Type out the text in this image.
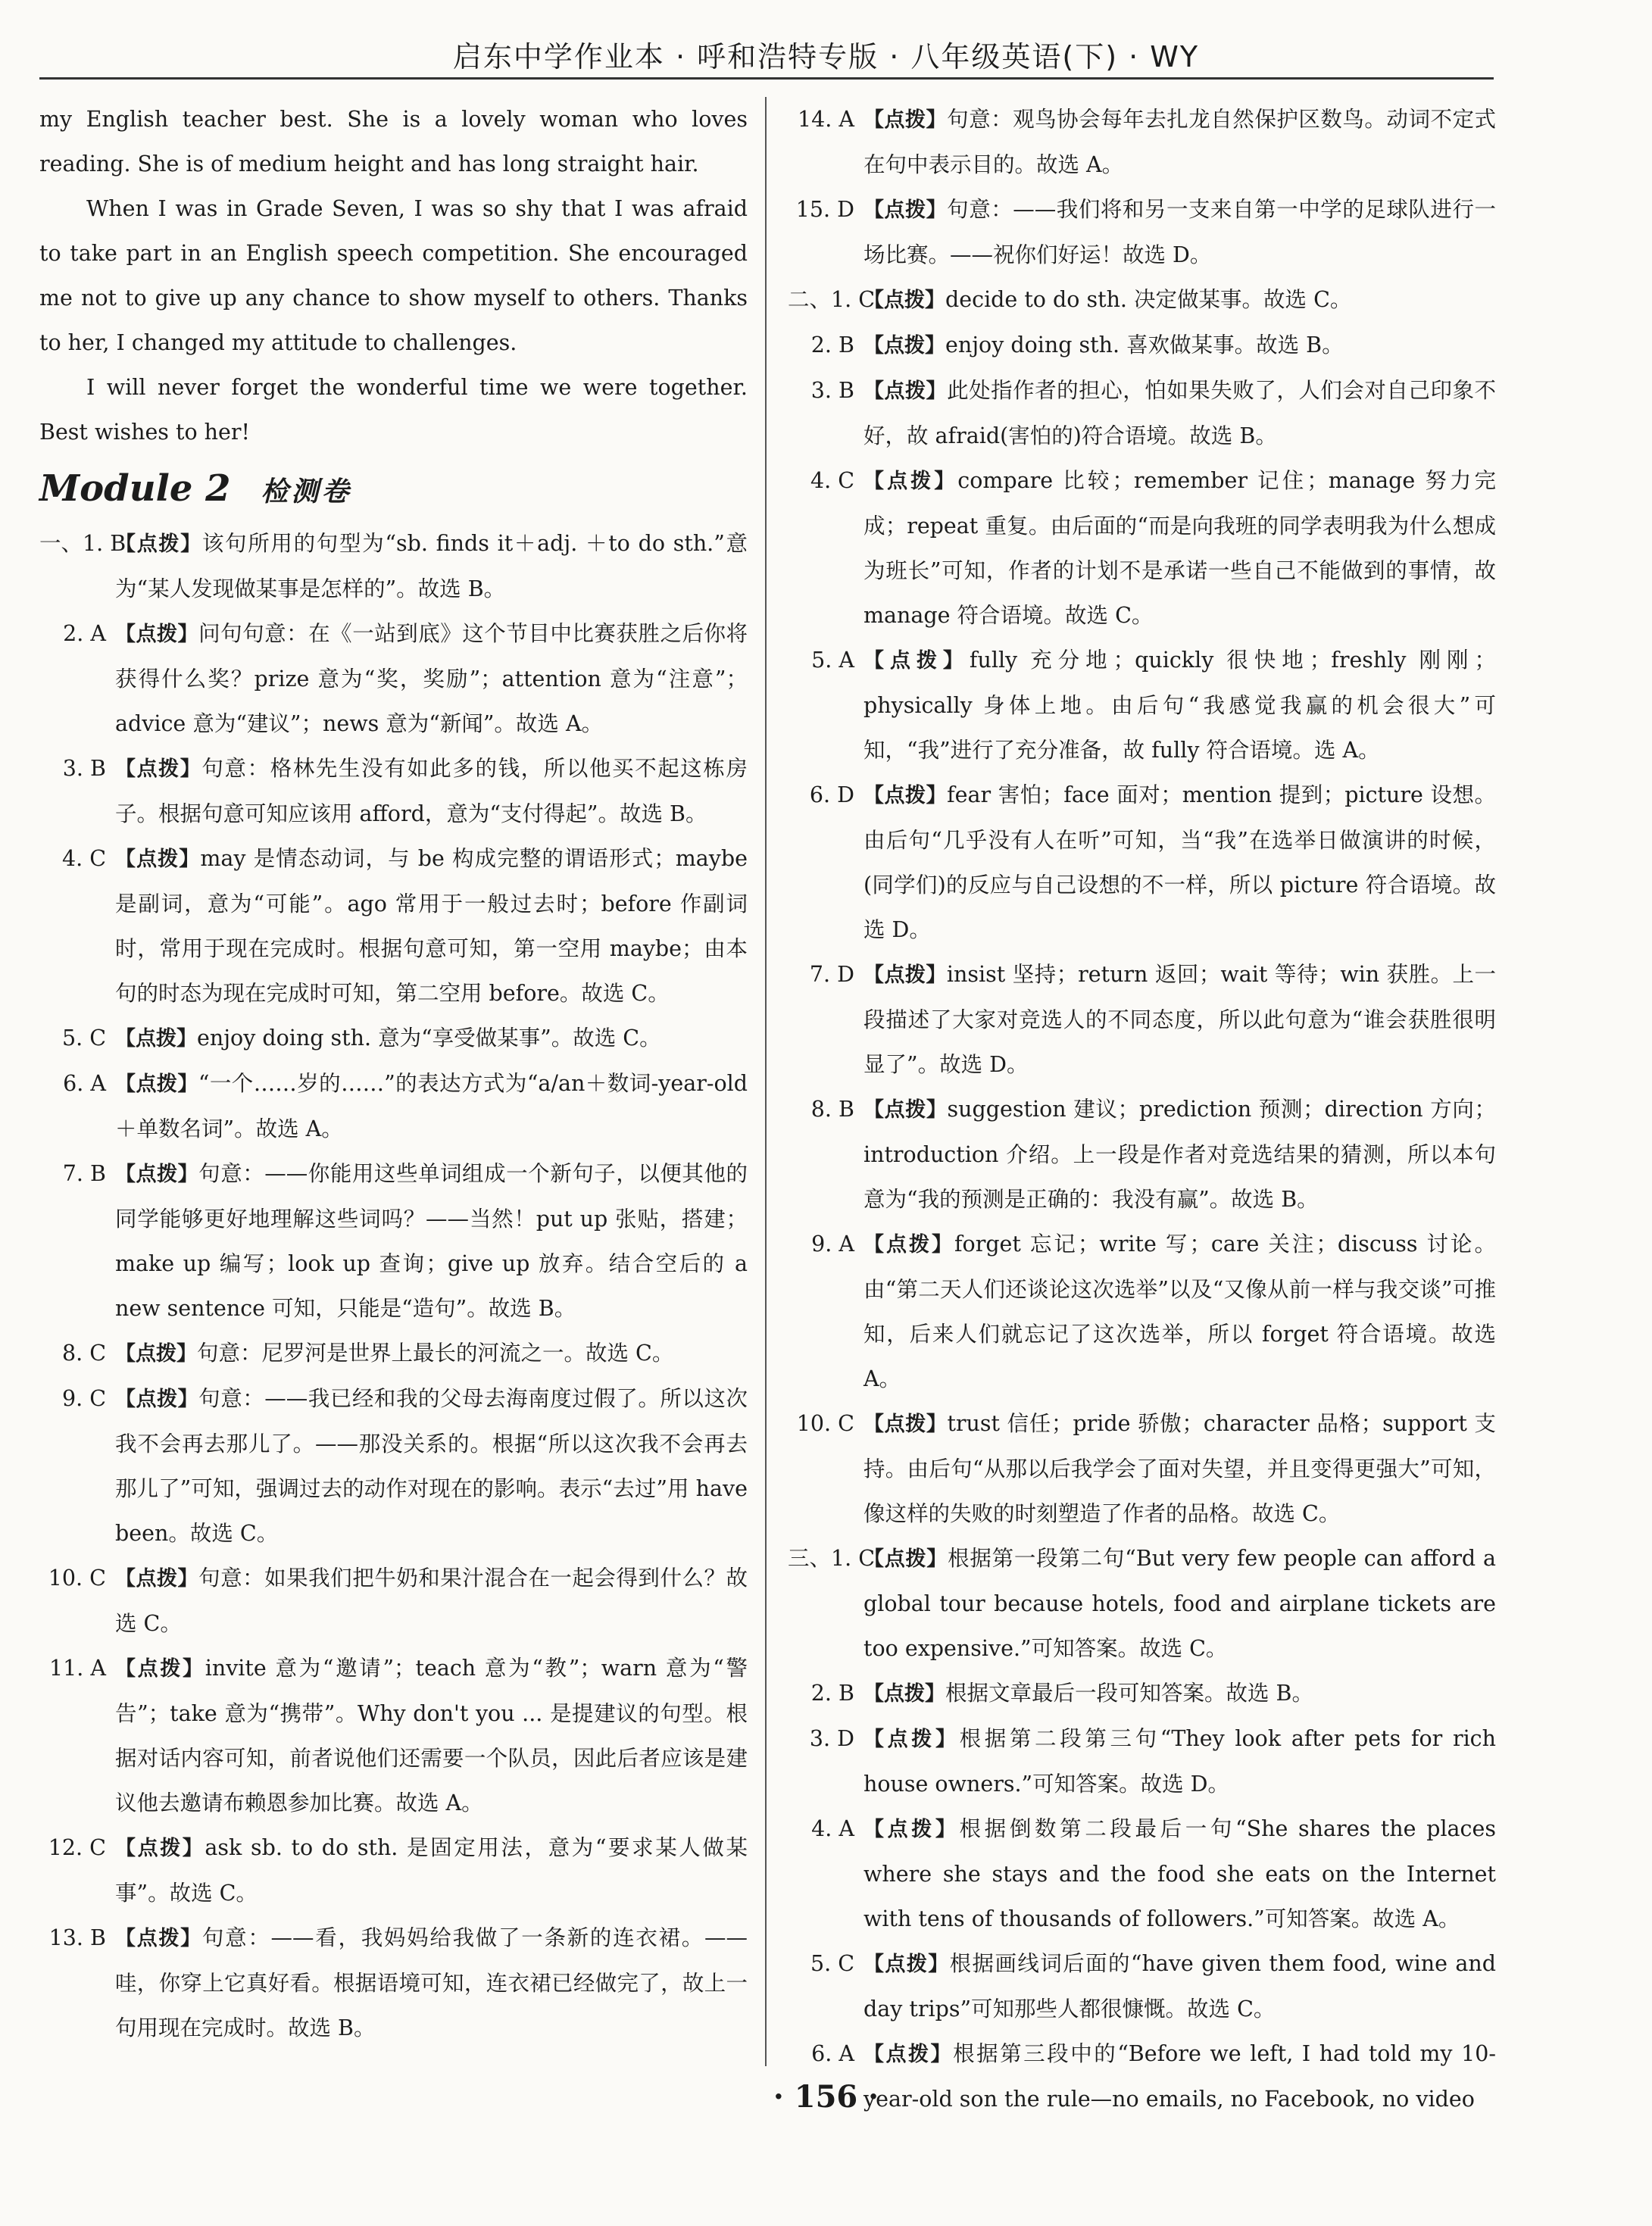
启东中学作业本 · 呼和浩特专版 · 八年级英语(下) · WY

my English teacher best. She is a lovely woman who loves reading. She is of medium height and has long straight hair.

When I was in Grade Seven, I was so shy that I was afraid to take part in an English speech competition. She encouraged me not to give up any chance to show myself to others. Thanks to her, I changed my attitude to challenges.

I will never forget the wonderful time we were together. Best wishes to her!

Module 2 检测卷

一、1. B
【点拨】该句所用的句型为“sb. finds it＋adj. ＋to do sth.”意为“某人发现做某事是怎样的”。故选 B。

2. A 【点拨】问句句意：在《一站到底》这个节目中比赛获胜之后你将获得什么奖？prize 意为“奖，奖励”；attention 意为“注意”；advice 意为“建议”；news 意为“新闻”。故选 A。

3. B 【点拨】句意：格林先生没有如此多的钱，所以他买不起这栋房子。根据句意可知应该用 afford，意为“支付得起”。故选 B。

4. C 【点拨】may 是情态动词，与 be 构成完整的谓语形式；maybe 是副词，意为“可能”。ago 常用于一般过去时；before 作副词时，常用于现在完成时。根据句意可知，第一空用 maybe；由本句的时态为现在完成时可知，第二空用 before。故选 C。

5. C 【点拨】enjoy doing sth. 意为“享受做某事”。故选 C。

6. A 【点拨】“一个……岁的……”的表达方式为“a/an＋数词-year-old＋单数名词”。故选 A。

7. B 【点拨】句意：——你能用这些单词组成一个新句子，以便其他的同学能够更好地理解这些词吗？——当然！put up 张贴，搭建；make up 编写；look up 查询；give up 放弃。结合空后的 a new sentence 可知，只能是“造句”。故选 B。

8. C 【点拨】句意：尼罗河是世界上最长的河流之一。故选 C。

9. C 【点拨】句意：——我已经和我的父母去海南度过假了。所以这次我不会再去那儿了。——那没关系的。根据“所以这次我不会再去那儿了”可知，强调过去的动作对现在的影响。表示“去过”用 have been。故选 C。

10. C 【点拨】句意：如果我们把牛奶和果汁混合在一起会得到什么？故选 C。

11. A 【点拨】invite 意为“邀请”；teach 意为“教”；warn 意为“警告”；take 意为“携带”。Why don't you ... 是提建议的句型。根据对话内容可知，前者说他们还需要一个队员，因此后者应该是建议他去邀请布赖恩参加比赛。故选 A。

12. C 【点拨】ask sb. to do sth. 是固定用法，意为“要求某人做某事”。故选 C。

13. B 【点拨】句意：——看，我妈妈给我做了一条新的连衣裙。——哇，你穿上它真好看。根据语境可知，连衣裙已经做完了，故上一句用现在完成时。故选 B。

14. A 【点拨】句意：观鸟协会每年去扎龙自然保护区数鸟。动词不定式在句中表示目的。故选 A。

15. D 【点拨】句意：——我们将和另一支来自第一中学的足球队进行一场比赛。——祝你们好运！故选 D。

二、1. C
【点拨】decide to do sth. 决定做某事。故选 C。

2. B 【点拨】enjoy doing sth. 喜欢做某事。故选 B。

3. B 【点拨】此处指作者的担心，怕如果失败了，人们会对自己印象不好，故 afraid(害怕的)符合语境。故选 B。

4. C 【点拨】compare 比较；remember 记住；manage 努力完成；repeat 重复。由后面的“而是向我班的同学表明我为什么想成为班长”可知，作者的计划不是承诺一些自己不能做到的事情，故 manage 符合语境。故选 C。

5. A 【点拨】fully 充分地；quickly 很快地；freshly 刚刚；physically 身体上地。由后句“我感觉我赢的机会很大”可知，“我”进行了充分准备，故 fully 符合语境。选 A。

6. D 【点拨】fear 害怕；face 面对；mention 提到；picture 设想。由后句“几乎没有人在听”可知，当“我”在选举日做演讲的时候，(同学们)的反应与自己设想的不一样，所以 picture 符合语境。故选 D。

7. D 【点拨】insist 坚持；return 返回；wait 等待；win 获胜。上一段描述了大家对竞选人的不同态度，所以此句意为“谁会获胜很明显了”。故选 D。

8. B 【点拨】suggestion 建议；prediction 预测；direction 方向；introduction 介绍。上一段是作者对竞选结果的猜测，所以本句意为“我的预测是正确的：我没有赢”。故选 B。

9. A 【点拨】forget 忘记；write 写；care 关注；discuss 讨论。由“第二天人们还谈论这次选举”以及“又像从前一样与我交谈”可推知，后来人们就忘记了这次选举，所以 forget 符合语境。故选 A。

10. C 【点拨】trust 信任；pride 骄傲；character 品格；support 支持。由后句“从那以后我学会了面对失望，并且变得更强大”可知，像这样的失败的时刻塑造了作者的品格。故选 C。

三、1. C
【点拨】根据第一段第二句“But very few people can afford a global tour because hotels, food and airplane tickets are too expensive.”可知答案。故选 C。

2. B 【点拨】根据文章最后一段可知答案。故选 B。

3. D 【点拨】根据第二段第三句“They look after pets for rich house owners.”可知答案。故选 D。

4. A 【点拨】根据倒数第二段最后一句“She shares the places where she stays and the food she eats on the Internet with tens of thousands of followers.”可知答案。故选 A。

5. C 【点拨】根据画线词后面的“have given them food, wine and day trips”可知那些人都很慷慨。故选 C。

6. A 【点拨】根据第三段中的“Before we left, I had told my 10-year-old son the rule—no emails, no Facebook, no video

· 156 ·
